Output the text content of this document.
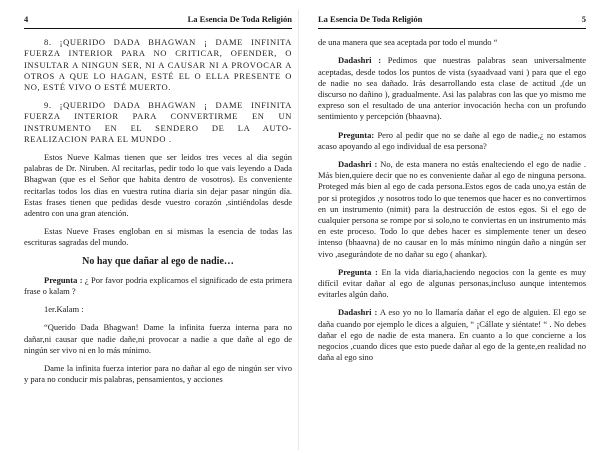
4	La Esencia De Toda Religión

8. ¡QUERIDO DADA BHAGWAN ¡ DAME INFINITA FUERZA INTERIOR PARA NO CRITICAR, OFENDER, O INSULTAR A NINGUN SER, NI A CAUSAR NI A PROVOCAR A OTROS A QUE LO HAGAN, ESTÉ EL O ELLA PRESENTE O NO, ESTÉ VIVO O ESTÉ MUERTO.

9. ¡QUERIDO DADA BHAGWAN ¡ DAME INFINITA FUERZA INTERIOR PARA CONVERTIRME EN UN INSTRUMENTO EN EL SENDERO DE LA AUTO-REALIZACION PARA EL MUNDO .

Estos Nueve Kalmas tienen que ser leidos tres veces al dia según palabras de Dr. Niruben. Al recitarlas, pedir todo lo que vais leyendo a Dada Bhagwan (que es el Señor que habita dentro de vosotros). Es conveniente recitarlas todos los dias en vuestra rutina diaria sin dejar pasar ningún día. Estas frases tienen que pedidas desde vuestro corazón ,sintiéndolas desde adentro con una gran atención.

Estas Nueve Frases engloban en si mismas la esencia de todas las escrituras sagradas del mundo.

No hay que dañar al ego de nadie…

Pregunta : ¿ Por favor podria explicarnos el significado de esta primera frase o kalam ?

1er.Kalam :

“Querido Dada Bhagwan! Dame la infinita fuerza interna para no dañar,ni causar que nadie dañe,ni provocar a nadie a que dañe al ego de ningún ser vivo ni en lo más mínimo.

Dame la infinita fuerza interior para no dañar al ego de ningún ser vivo y para no conducir mis palabras, pensamientos, y acciones

La Esencia De Toda Religión	5

de una manera que sea aceptada por todo el mundo “

Dadashri : Pedimos que nuestras palabras sean universalmente aceptadas, desde todos los puntos de vista (syaadvaad vani ) para que el ego de nadie no sea dañado. Irás desarrollando esta clase de actitud ,(de un discurso no dañino ), gradualmente. Asi las palabras con las que yo mismo me expreso son el resultado de una anterior invocación hecha con un profundo sentimiento y percepción (bhaavna).

Pregunta: Pero al pedir que no se dañe al ego de nadie,¿ no estamos acaso apoyando al ego individual de esa persona?

Dadashri : No, de esta manera no estás enalteciendo el ego de nadie . Más bien,quiere decir que no es conveniente dañar al ego de ninguna persona. Proteged más bien al ego de cada persona.Estos egos de cada uno,ya están de por si protegidos ,y nosotros todo lo que tenemos que hacer es no convertirnos en un instrumento (nimit) para la destrucción de estos egos. Si el ego de cualquier persona se rompe por si solo,no te conviertas en un instrumento más en este proceso. Todo lo que debes hacer es simplemente tener un deseo intenso (bhaavna) de no causar en lo más mínimo ningún daño a ningún ser vivo ,asegurándote de no dañar su ego ( ahankar).

Pregunta : En la vida diaria,haciendo negocios con la gente es muy difícil evitar dañar al ego de algunas personas,incluso aunque intentemos evitarles algún daño.

Dadashri : A eso yo no lo llamaría dañar el ego de alguien. El ego se daña cuando por ejemplo le dices a alguien, “ ¡Cállate y siéntate! “ . No debes dañar el ego de nadie de esta manera. En cuanto a lo que concierne a los negocios ,cuando dices que esto puede dañar al ego de la gente,en realidad no daña al ego sino
